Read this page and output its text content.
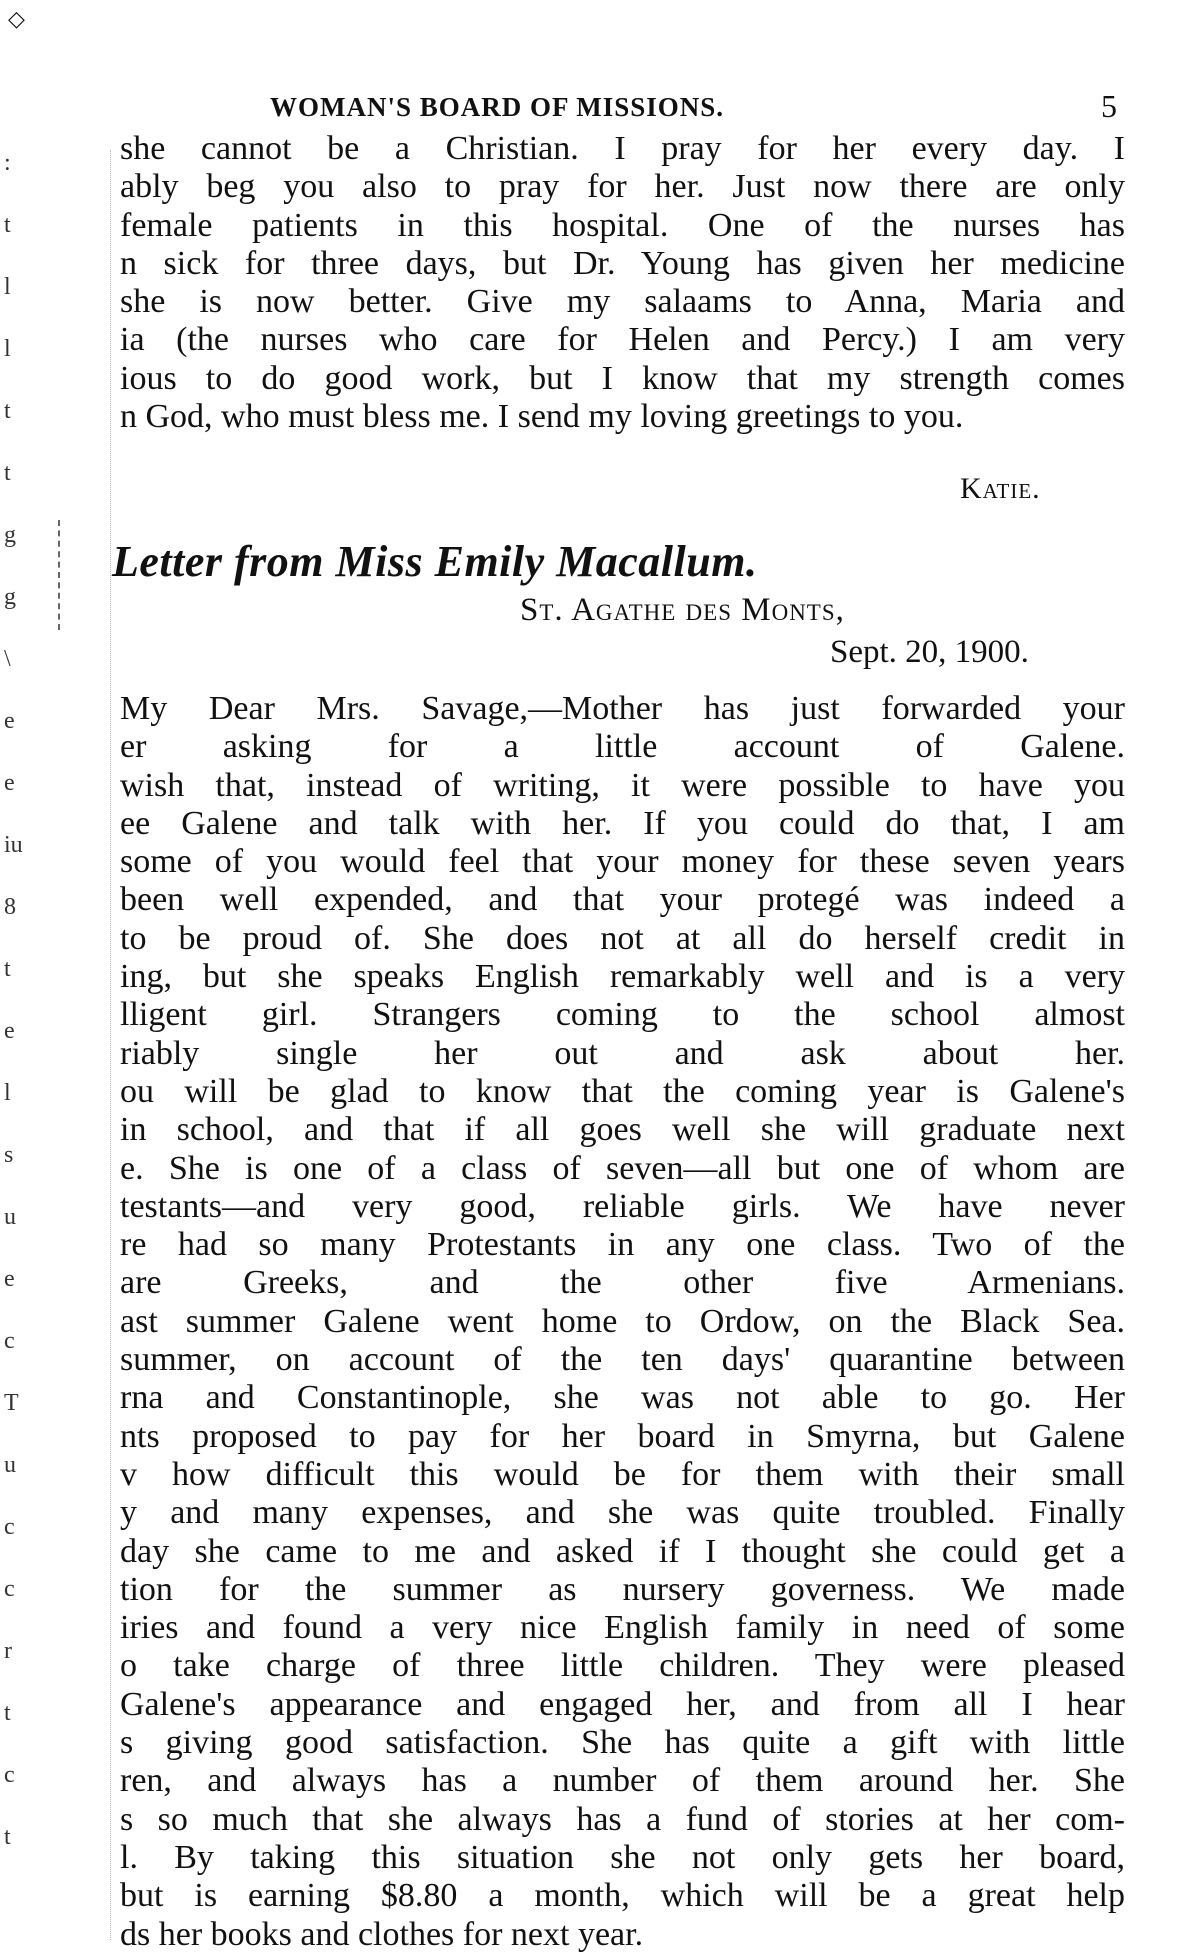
◇
WOMAN'S BOARD OF MISSIONS.	5
:
t
l
l
t
t
g
g
\
e
e
iu
8
t
e
l
s
u
e
c
T
u
c
c
r
t
c
t
she cannot be a Christian. I pray for her every day. I
ably beg you also to pray for her. Just now there are only
female patients in this hospital. One of the nurses has
n sick for three days, but Dr. Young has given her medicine
she is now better. Give my salaams to Anna, Maria and
ia (the nurses who care for Helen and Percy.) I am very
ious to do good work, but I know that my strength comes
n God, who must bless me. I send my loving greetings to you.
Katie.
Letter from Miss Emily Macallum.
St. Agathe des Monts,
Sept. 20, 1900.
My Dear Mrs. Savage,—Mother has just forwarded your
er asking for a little account of Galene.
wish that, instead of writing, it were possible to have you
ee Galene and talk with her. If you could do that, I am
some of you would feel that your money for these seven years
been well expended, and that your protegé was indeed a
to be proud of. She does not at all do herself credit in
ing, but she speaks English remarkably well and is a very
lligent girl. Strangers coming to the school almost
riably single her out and ask about her.
ou will be glad to know that the coming year is Galene's
in school, and that if all goes well she will graduate next
e. She is one of a class of seven—all but one of whom are
testants—and very good, reliable girls. We have never
re had so many Protestants in any one class. Two of the
are Greeks, and the other five Armenians.
ast summer Galene went home to Ordow, on the Black Sea.
summer, on account of the ten days' quarantine between
rna and Constantinople, she was not able to go. Her
nts proposed to pay for her board in Smyrna, but Galene
v how difficult this would be for them with their small
y and many expenses, and she was quite troubled. Finally
day she came to me and asked if I thought she could get a
tion for the summer as nursery governess. We made
iries and found a very nice English family in need of some
o take charge of three little children. They were pleased
Galene's appearance and engaged her, and from all I hear
s giving good satisfaction. She has quite a gift with little
ren, and always has a number of them around her. She
s so much that she always has a fund of stories at her com-
l. By taking this situation she not only gets her board,
but is earning $8.80 a month, which will be a great help
ds her books and clothes for next year.
